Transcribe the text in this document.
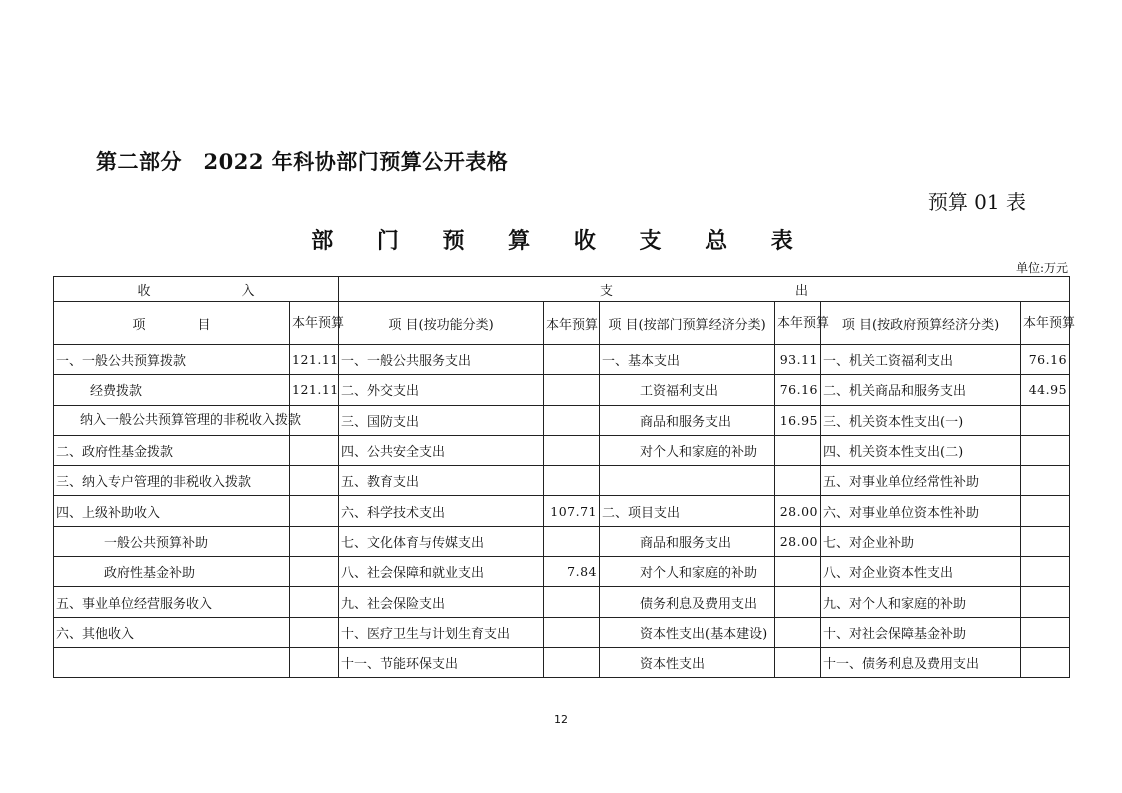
第二部分　2022 年科协部门预算公开表格
预算 01 表
部 门 预 算 收 支 总 表
单位:万元
收　　　　　　　入		支　　　　　　　　　　　　　　出					
项　　　　目	本年预算	项 目(按功能分类)	本年预算	项 目(按部门预算经济分类)	本年预算	项 目(按政府预算经济分类)	本年预算
一、一般公共预算拨款	121.11	一、一般公共服务支出		一、基本支出	93.11	一、机关工资福利支出	76.16
经费拨款	121.11	二、外交支出		工资福利支出	76.16	二、机关商品和服务支出	44.95
纳入一般公共预算管理的非税收入拨款		三、国防支出		商品和服务支出	16.95	三、机关资本性支出(一)	
二、政府性基金拨款		四、公共安全支出		对个人和家庭的补助		四、机关资本性支出(二)	
三、纳入专户管理的非税收入拨款		五、教育支出				五、对事业单位经常性补助	
四、上级补助收入		六、科学技术支出	107.71	二、项目支出	28.00	六、对事业单位资本性补助	
一般公共预算补助		七、文化体育与传媒支出		商品和服务支出	28.00	七、对企业补助	
政府性基金补助		八、社会保障和就业支出	7.84	对个人和家庭的补助		八、对企业资本性支出	
五、事业单位经营服务收入		九、社会保险支出		债务利息及费用支出		九、对个人和家庭的补助	
六、其他收入		十、医疗卫生与计划生育支出		资本性支出(基本建设)		十、对社会保障基金补助	
		十一、节能环保支出		资本性支出		十一、债务利息及费用支出	
12
